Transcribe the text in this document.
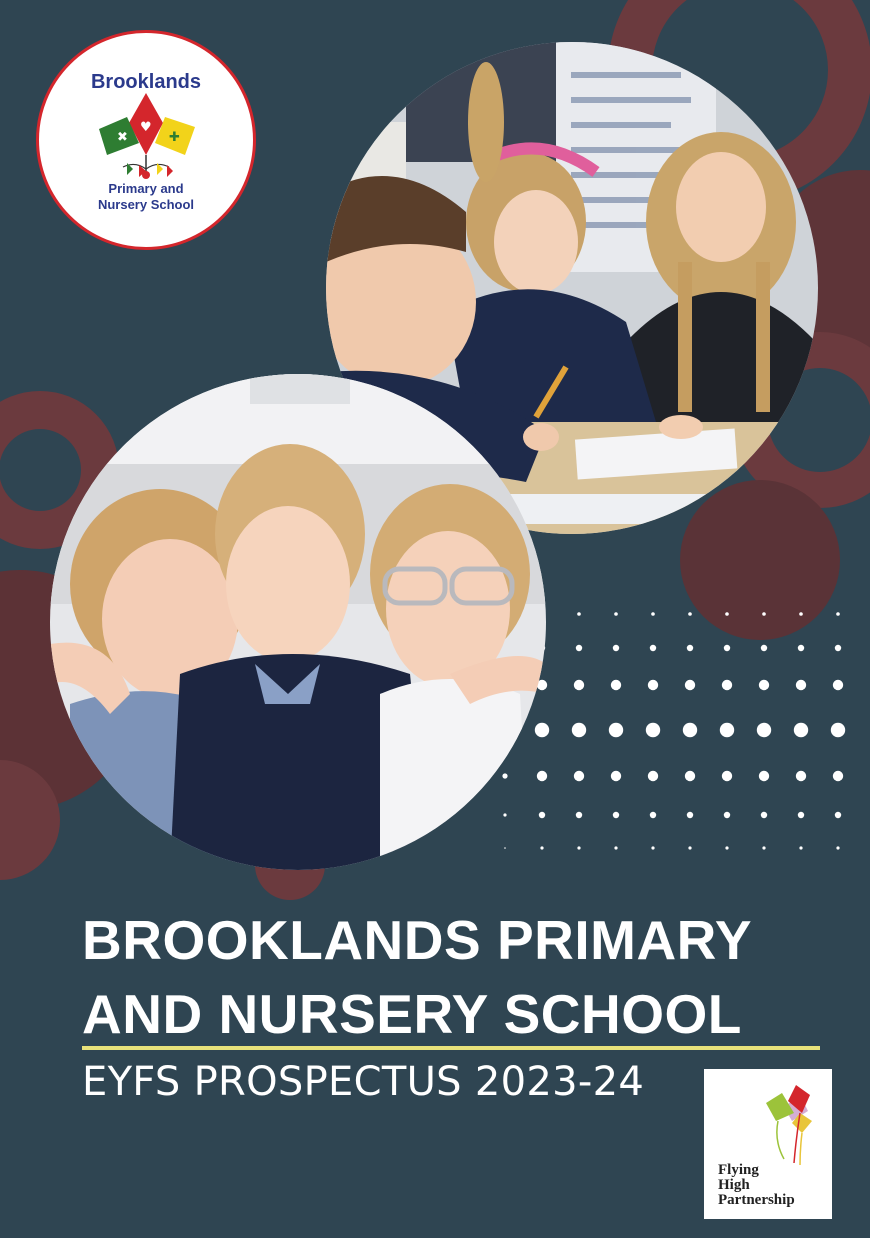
✖	✚
♥
Brooklands
Primary and
Nursery School
BROOKLANDS PRIMARY
AND NURSERY SCHOOL
EYFS PROSPECTUS 2023-24
Flying
High
Partnership
